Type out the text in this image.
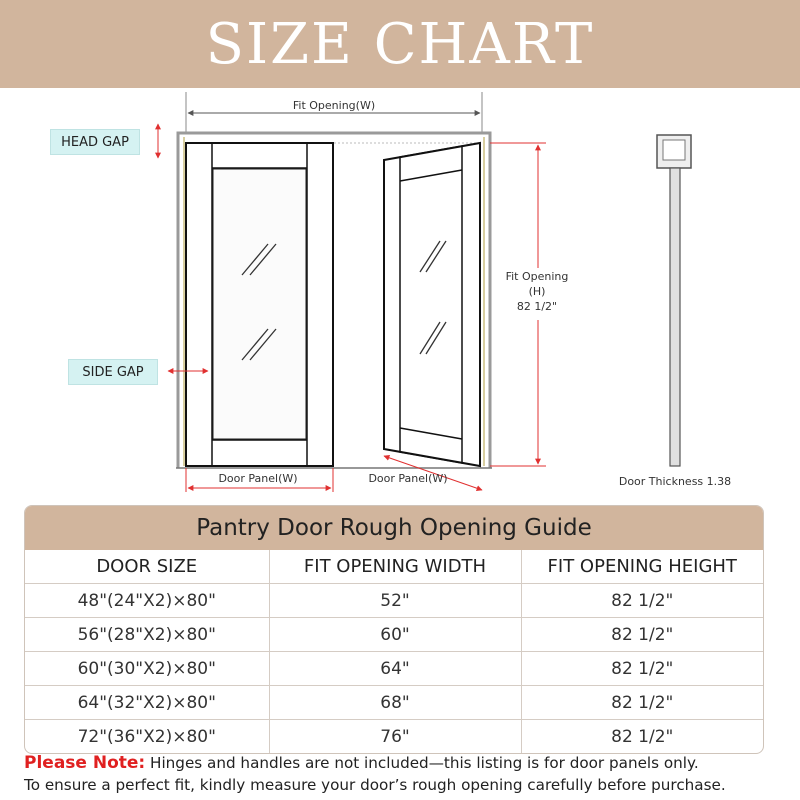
SIZE CHART
Fit Opening(W)
Fit Opening
(H)
82 1/2"
Door Panel(W)	Door Panel(W)	Door Thickness 1.38
HEAD GAP
SIDE GAP
Pantry Door Rough Opening Guide
DOOR SIZE	FIT OPENING WIDTH	FIT OPENING HEIGHT
48"(24"X2)×80"	52"	82 1/2"
56"(28"X2)×80"	60"	82 1/2"
60"(30"X2)×80"	64"	82 1/2"
64"(32"X2)×80"	68"	82 1/2"
72"(36"X2)×80"	76"	82 1/2"
Please Note: Hinges and handles are not included—this listing is for door panels only.
To ensure a perfect fit, kindly measure your door’s rough opening carefully before purchase.
